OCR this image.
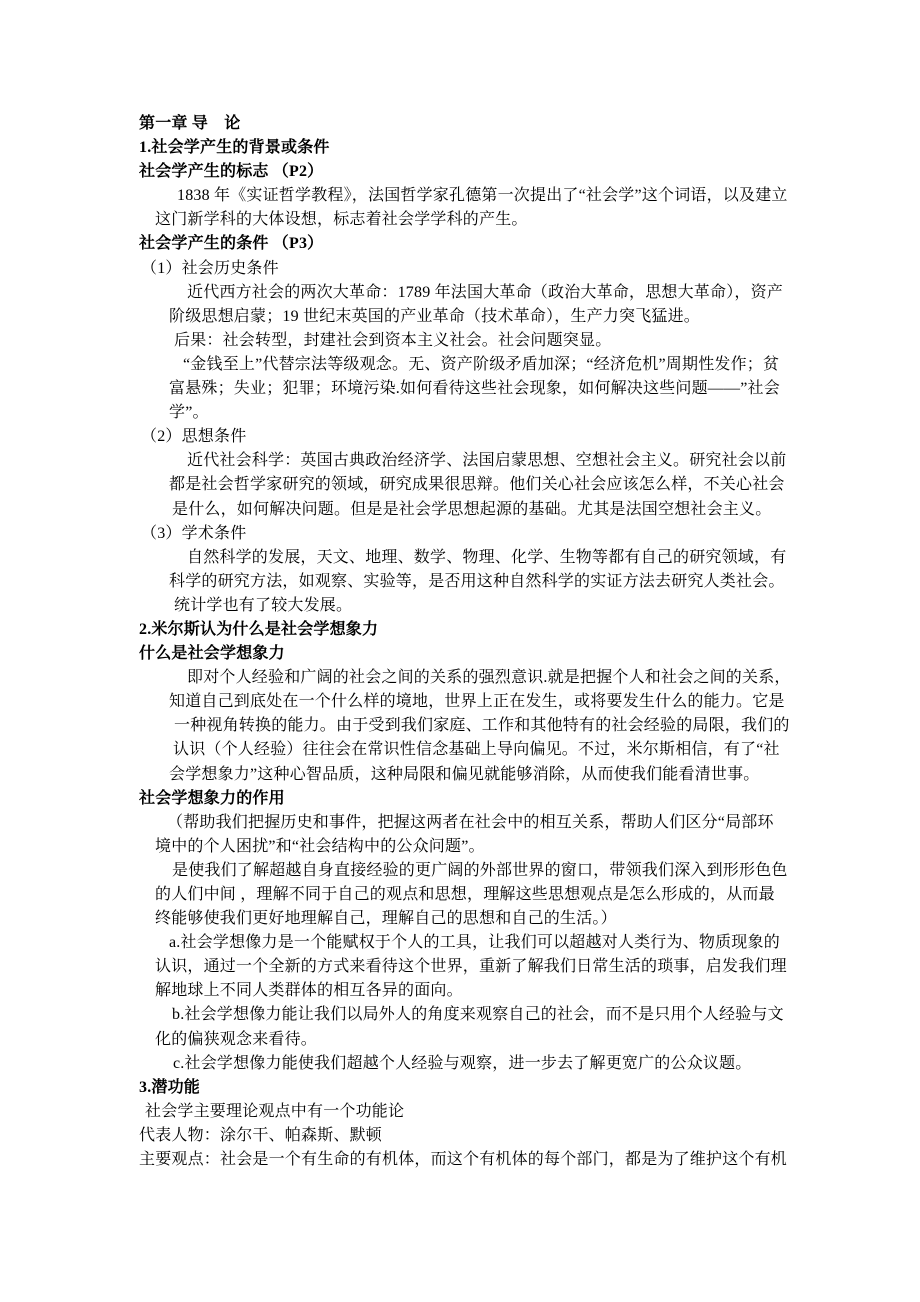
第一章 导　论
1.社会学产生的背景或条件
社会学产生的标志 （P2）
1838 年《实证哲学教程》，法国哲学家孔德第一次提出了“社会学”这个词语，以及建立
这门新学科的大体设想，标志着社会学学科的产生。
社会学产生的条件 （P3）
（1）社会历史条件
近代西方社会的两次大革命：1789 年法国大革命（政治大革命，思想大革命），资产
阶级思想启蒙；19 世纪末英国的产业革命（技术革命），生产力突飞猛进。
后果：社会转型，封建社会到资本主义社会。社会问题突显。
“金钱至上”代替宗法等级观念。无、资产阶级矛盾加深；“经济危机”周期性发作；贫
富悬殊；失业；犯罪；环境污染.如何看待这些社会现象，如何解决这些问题——”社会
学”。
（2）思想条件
近代社会科学：英国古典政治经济学、法国启蒙思想、空想社会主义。研究社会以前
都是社会哲学家研究的领域，研究成果很思辩。他们关心社会应该怎么样，不关心社会
是什么，如何解决问题。但是是社会学思想起源的基础。尤其是法国空想社会主义。
（3）学术条件
自然科学的发展，天文、地理、数学、物理、化学、生物等都有自己的研究领域，有
科学的研究方法，如观察、实验等，是否用这种自然科学的实证方法去研究人类社会。
统计学也有了较大发展。
2.米尔斯认为什么是社会学想象力
什么是社会学想象力
即对个人经验和广阔的社会之间的关系的强烈意识.就是把握个人和社会之间的关系，
知道自己到底处在一个什么样的境地，世界上正在发生，或将要发生什么的能力。它是
一种视角转换的能力。由于受到我们家庭、工作和其他特有的社会经验的局限，我们的
认识（个人经验）往往会在常识性信念基础上导向偏见。不过，米尔斯相信，有了“社
会学想象力”这种心智品质，这种局限和偏见就能够消除，从而使我们能看清世事。
社会学想象力的作用
（帮助我们把握历史和事件，把握这两者在社会中的相互关系，帮助人们区分“局部环
境中的个人困扰”和“社会结构中的公众问题”。
是使我们了解超越自身直接经验的更广阔的外部世界的窗口，带领我们深入到形形色色
的人们中间 ，理解不同于自己的观点和思想，理解这些思想观点是怎么形成的，从而最
终能够使我们更好地理解自己，理解自己的思想和自己的生活。）
a.社会学想像力是一个能赋权于个人的工具，让我们可以超越对人类行为、物质现象的
认识，通过一个全新的方式来看待这个世界，重新了解我们日常生活的琐事，启发我们理
解地球上不同人类群体的相互各异的面向。
b.社会学想像力能让我们以局外人的角度来观察自己的社会，而不是只用个人经验与文
化的偏狭观念来看待。
c.社会学想像力能使我们超越个人经验与观察，进一步去了解更宽广的公众议题。
3.潜功能
社会学主要理论观点中有一个功能论
代表人物：涂尔干、帕森斯、默顿
主要观点：社会是一个有生命的有机体，而这个有机体的每个部门，都是为了维护这个有机
